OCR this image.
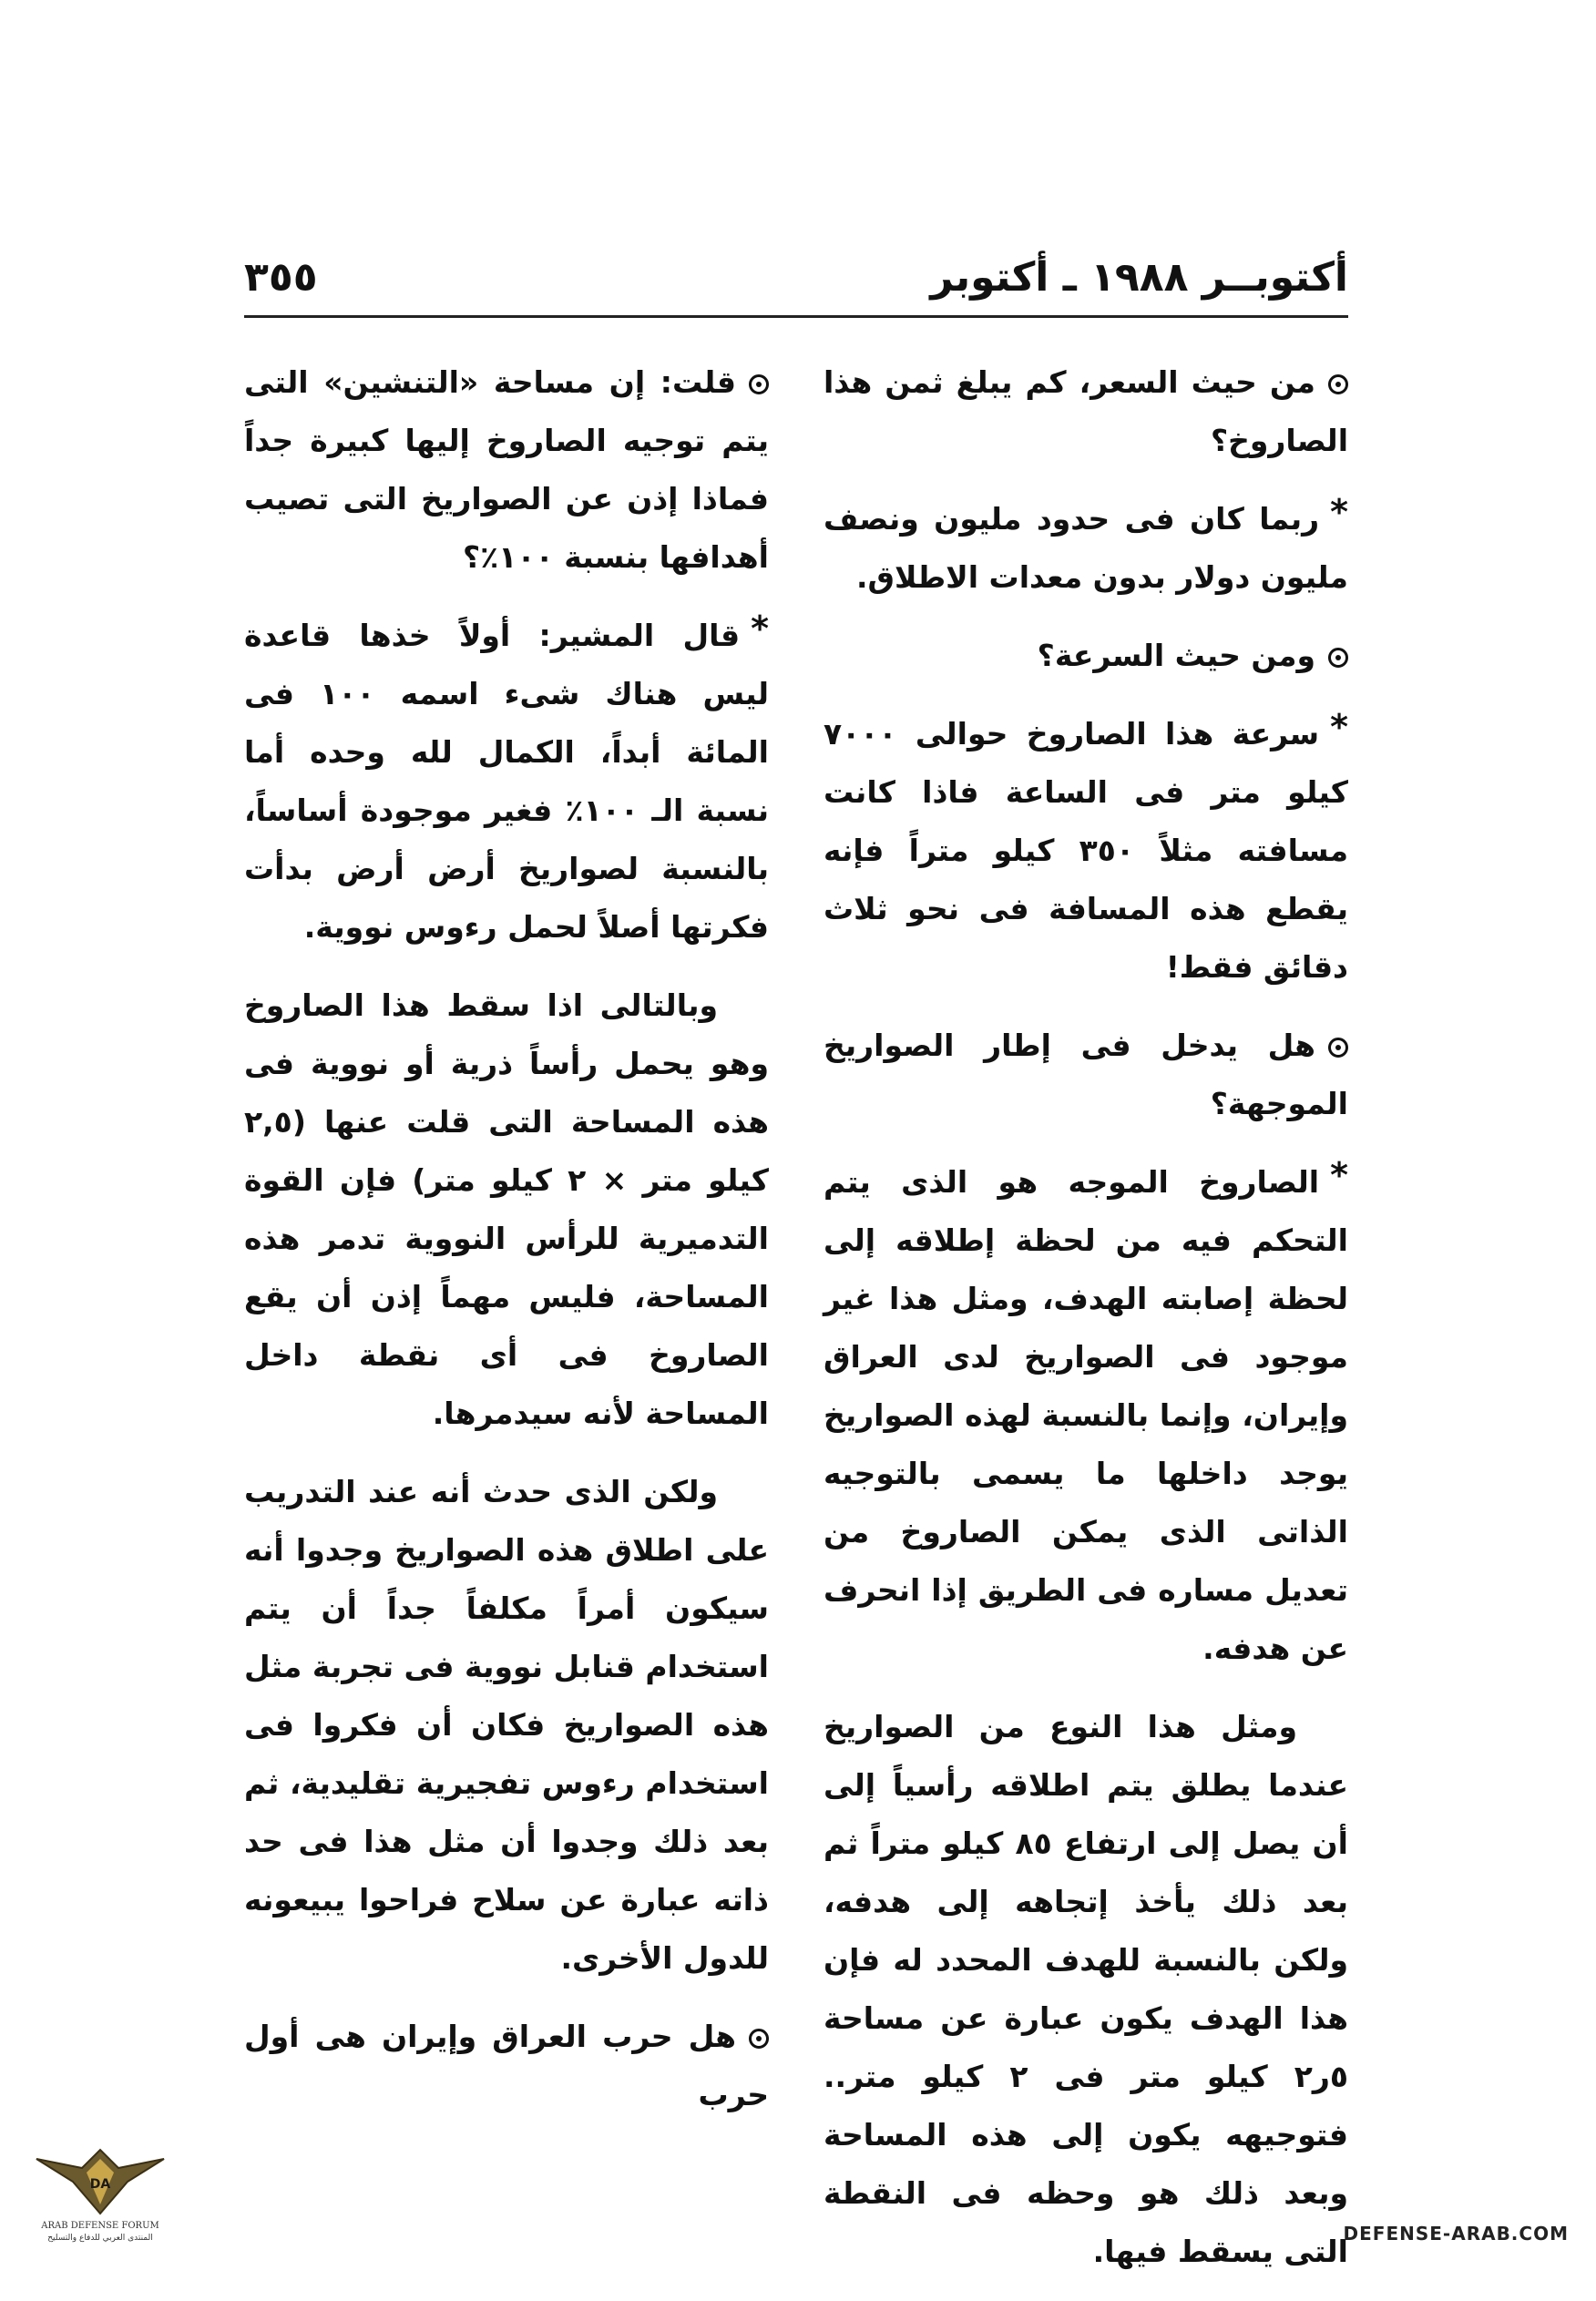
أكتوبــر ١٩٨٨ ـ أكتوبر
٣٥٥

من حيث السعر، كم يبلغ ثمن هذا الصاروخ؟

*ربما كان فى حدود مليون ونصف مليون دولار بدون معدات الاطلاق.

ومن حيث السرعة؟

*سرعة هذا الصاروخ حوالى ٧٠٠٠ كيلو متر فى الساعة فاذا كانت مسافته مثلاً ٣٥٠ كيلو متراً فإنه يقطع هذه المسافة فى نحو ثلاث دقائق فقط!

هل يدخل فى إطار الصواريخ الموجهة؟

*الصاروخ الموجه هو الذى يتم التحكم فيه من لحظة إطلاقه إلى لحظة إصابته الهدف، ومثل هذا غير موجود فى الصواريخ لدى العراق وإيران، وإنما بالنسبة لهذه الصواريخ يوجد داخلها ما يسمى بالتوجيه الذاتى الذى يمكن الصاروخ من تعديل مساره فى الطريق إذا انحرف عن هدفه.

ومثل هذا النوع من الصواريخ عندما يطلق يتم اطلاقه رأسياً إلى أن يصل إلى ارتفاع ٨٥ كيلو متراً ثم بعد ذلك يأخذ إتجاهه إلى هدفه، ولكن بالنسبة للهدف المحدد له فإن هذا الهدف يكون عبارة عن مساحة ٥ر٢ كيلو متر فى ٢ كيلو متر.. فتوجيهه يكون إلى هذه المساحة وبعد ذلك هو وحظه فى النقطة التى يسقط فيها.

قلت: إن مساحة «التنشين» التى يتم توجيه الصاروخ إليها كبيرة جداً فماذا إذن عن الصواريخ التى تصيب أهدافها بنسبة ١٠٠٪؟

*قال المشير: أولاً خذها قاعدة ليس هناك شىء اسمه ١٠٠ فى المائة أبداً، الكمال لله وحده أما نسبة الـ ١٠٠٪ فغير موجودة أساساً، بالنسبة لصواريخ أرض أرض بدأت فكرتها أصلاً لحمل رءوس نووية.

وبالتالى اذا سقط هذا الصاروخ وهو يحمل رأساً ذرية أو نووية فى هذه المساحة التى قلت عنها (٢,٥ كيلو متر × ٢ كيلو متر) فإن القوة التدميرية للرأس النووية تدمر هذه المساحة، فليس مهماً إذن أن يقع الصاروخ فى أى نقطة داخل المساحة لأنه سيدمرها.

ولكن الذى حدث أنه عند التدريب على اطلاق هذه الصواريخ وجدوا أنه سيكون أمراً مكلفاً جداً أن يتم استخدام قنابل نووية فى تجربة مثل هذه الصواريخ فكان أن فكروا فى استخدام رءوس تفجيرية تقليدية، ثم بعد ذلك وجدوا أن مثل هذا فى حد ذاته عبارة عن سلاح فراحوا يبيعونه للدول الأخرى.

هل حرب العراق وإيران هى أول حرب

DA
ARAB DEFENSE FORUM
المنتدى العربي للدفاع والتسليح	DEFENSE-ARAB.COM
